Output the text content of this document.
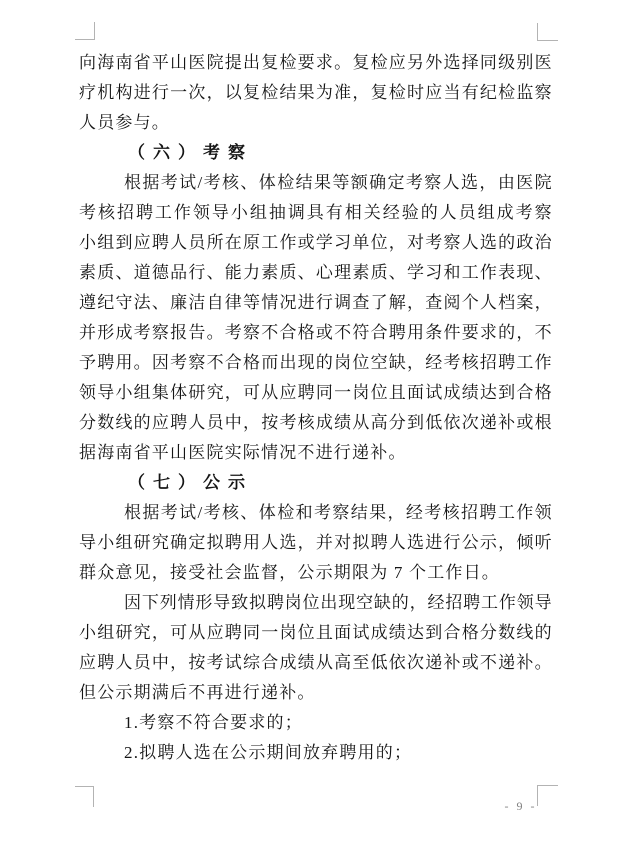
向海南省平山医院提出复检要求。复检应另外选择同级别医
疗机构进行一次，以复检结果为准，复检时应当有纪检监察
人员参与。
（六）考察
根据考试/考核、体检结果等额确定考察人选，由医院
考核招聘工作领导小组抽调具有相关经验的人员组成考察
小组到应聘人员所在原工作或学习单位，对考察人选的政治
素质、道德品行、能力素质、心理素质、学习和工作表现、
遵纪守法、廉洁自律等情况进行调查了解，查阅个人档案，
并形成考察报告。考察不合格或不符合聘用条件要求的，不
予聘用。因考察不合格而出现的岗位空缺，经考核招聘工作
领导小组集体研究，可从应聘同一岗位且面试成绩达到合格
分数线的应聘人员中，按考核成绩从高分到低依次递补或根
据海南省平山医院实际情况不进行递补。
（七）公示
根据考试/考核、体检和考察结果，经考核招聘工作领
导小组研究确定拟聘用人选，并对拟聘人选进行公示，倾听
群众意见，接受社会监督，公示期限为 7 个工作日。
因下列情形导致拟聘岗位出现空缺的，经招聘工作领导
小组研究，可从应聘同一岗位且面试成绩达到合格分数线的
应聘人员中，按考试综合成绩从高至低依次递补或不递补。
但公示期满后不再进行递补。
1.考察不符合要求的；
2.拟聘人选在公示期间放弃聘用的；
- 9 -
